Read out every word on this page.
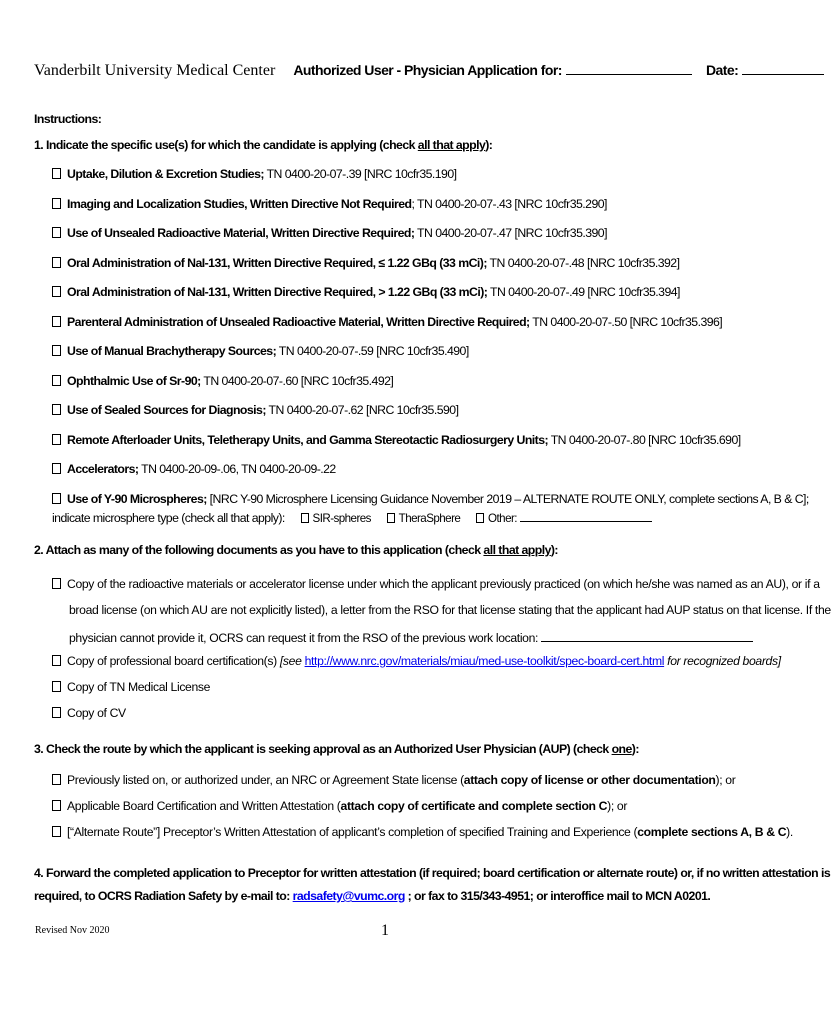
Vanderbilt University Medical Center Authorized User - Physician Application for:	Date:
Instructions:
1. Indicate the specific use(s) for which the candidate is applying (check all that apply):
Uptake, Dilution & Excretion Studies; TN 0400-20-07-.39 [NRC 10cfr35.190]
Imaging and Localization Studies, Written Directive Not Required; TN 0400-20-07-.43 [NRC 10cfr35.290]
Use of Unsealed Radioactive Material, Written Directive Required; TN 0400-20-07-.47 [NRC 10cfr35.390]
Oral Administration of NaI-131, Written Directive Required, ≤ 1.22 GBq (33 mCi); TN 0400-20-07-.48 [NRC 10cfr35.392]
Oral Administration of NaI-131, Written Directive Required, > 1.22 GBq (33 mCi); TN 0400-20-07-.49 [NRC 10cfr35.394]
Parenteral Administration of Unsealed Radioactive Material, Written Directive Required; TN 0400-20-07-.50 [NRC 10cfr35.396]
Use of Manual Brachytherapy Sources; TN 0400-20-07-.59 [NRC 10cfr35.490]
Ophthalmic Use of Sr-90; TN 0400-20-07-.60 [NRC 10cfr35.492]
Use of Sealed Sources for Diagnosis; TN 0400-20-07-.62 [NRC 10cfr35.590]
Remote Afterloader Units, Teletherapy Units, and Gamma Stereotactic Radiosurgery Units; TN 0400-20-07-.80 [NRC 10cfr35.690]
Accelerators; TN 0400-20-09-.06, TN 0400-20-09-.22
Use of Y-90 Microspheres; [NRC Y-90 Microsphere Licensing Guidance November 2019 – ALTERNATE ROUTE ONLY, complete sections A, B & C];
indicate microsphere type (check all that apply): SIR-spheres TheraSphere Other:
2. Attach as many of the following documents as you have to this application (check all that apply):
Copy of the radioactive materials or accelerator license under which the applicant previously practiced (on which he/she was named as an AU), or if a
broad license (on which AU are not explicitly listed), a letter from the RSO for that license stating that the applicant had AUP status on that license. If the
physician cannot provide it, OCRS can request it from the RSO of the previous work location:
Copy of professional board certification(s) [see http://www.nrc.gov/materials/miau/med-use-toolkit/spec-board-cert.html for recognized boards]
Copy of TN Medical License
Copy of CV
3. Check the route by which the applicant is seeking approval as an Authorized User Physician (AUP) (check one):
Previously listed on, or authorized under, an NRC or Agreement State license (attach copy of license or other documentation); or
Applicable Board Certification and Written Attestation (attach copy of certificate and complete section C); or
[“Alternate Route”] Preceptor’s Written Attestation of applicant’s completion of specified Training and Experience (complete sections A, B & C).
4. Forward the completed application to Preceptor for written attestation (if required; board certification or alternate route) or, if no written attestation is
required, to OCRS Radiation Safety by e-mail to: radsafety@vumc.org ; or fax to 315/343-4951; or interoffice mail to MCN A0201.
Revised Nov 2020	1
